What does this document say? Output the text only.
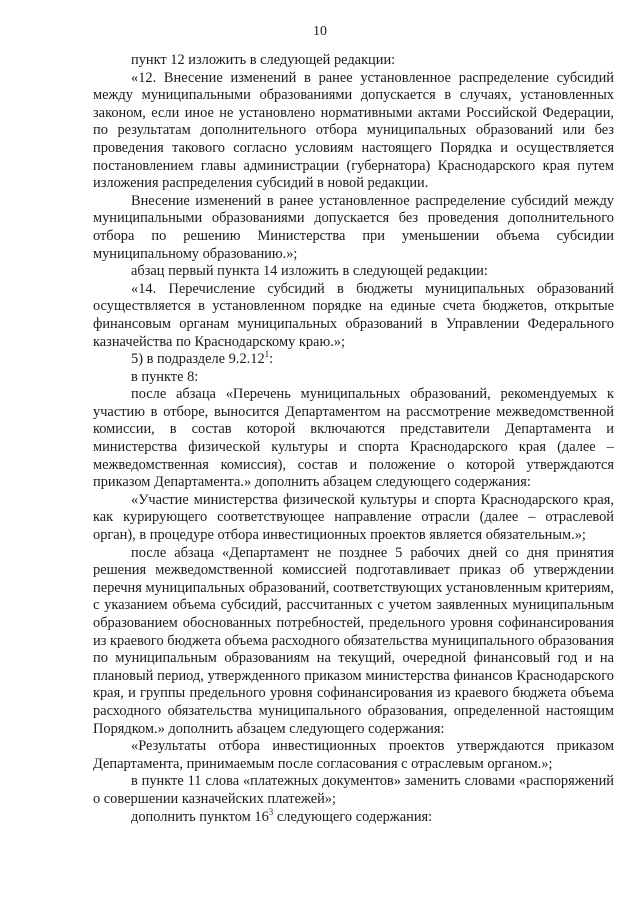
10

пункт 12 изложить в следующей редакции:

«12. Внесение изменений в ранее установленное распределение субсидий между муниципальными образованиями допускается в случаях, установленных законом, если иное не установлено нормативными актами Российской Федерации, по результатам дополнительного отбора муниципальных образований или без проведения такового согласно условиям настоящего Порядка и осуществляется постановлением главы администрации (губернатора) Краснодарского края путем изложения распределения субсидий в новой редакции.

Внесение изменений в ранее установленное распределение субсидий между муниципальными образованиями допускается без проведения дополнительного отбора по решению Министерства при уменьшении объема субсидии муниципальному образованию.»;

абзац первый пункта 14 изложить в следующей редакции:

«14. Перечисление субсидий в бюджеты муниципальных образований осуществляется в установленном порядке на единые счета бюджетов, открытые финансовым органам муниципальных образований в Управлении Федерального казначейства по Краснодарскому краю.»;

5) в подразделе 9.2.12$^1$:

в пункте 8:

после абзаца «Перечень муниципальных образований, рекомендуемых к участию в отборе, выносится Департаментом на рассмотрение межведомственной комиссии, в состав которой включаются представители Департамента и министерства физической культуры и спорта Краснодарского края (далее – межведомственная комиссия), состав и положение о которой утверждаются приказом Департамента.» дополнить абзацем следующего содержания:

«Участие министерства физической культуры и спорта Краснодарского края, как курирующего соответствующее направление отрасли (далее – отраслевой орган), в процедуре отбора инвестиционных проектов является обязательным.»;

после абзаца «Департамент не позднее 5 рабочих дней со дня принятия решения межведомственной комиссией подготавливает приказ об утверждении перечня муниципальных образований, соответствующих установленным критериям, с указанием объема субсидий, рассчитанных с учетом заявленных муниципальным образованием обоснованных потребностей, предельного уровня софинансирования из краевого бюджета объема расходного обязательства муниципального образования по муниципальным образованиям на текущий, очередной финансовый год и на плановый период, утвержденного приказом министерства финансов Краснодарского края, и группы предельного уровня софинансирования из краевого бюджета объема расходного обязательства муниципального образования, определенной настоящим Порядком.» дополнить абзацем следующего содержания:

«Результаты отбора инвестиционных проектов утверждаются приказом Департамента, принимаемым после согласования с отраслевым органом.»;

в пункте 11 слова «платежных документов» заменить словами «распоряжений о совершении казначейских платежей»;

дополнить пунктом $16^3$ следующего содержания:
